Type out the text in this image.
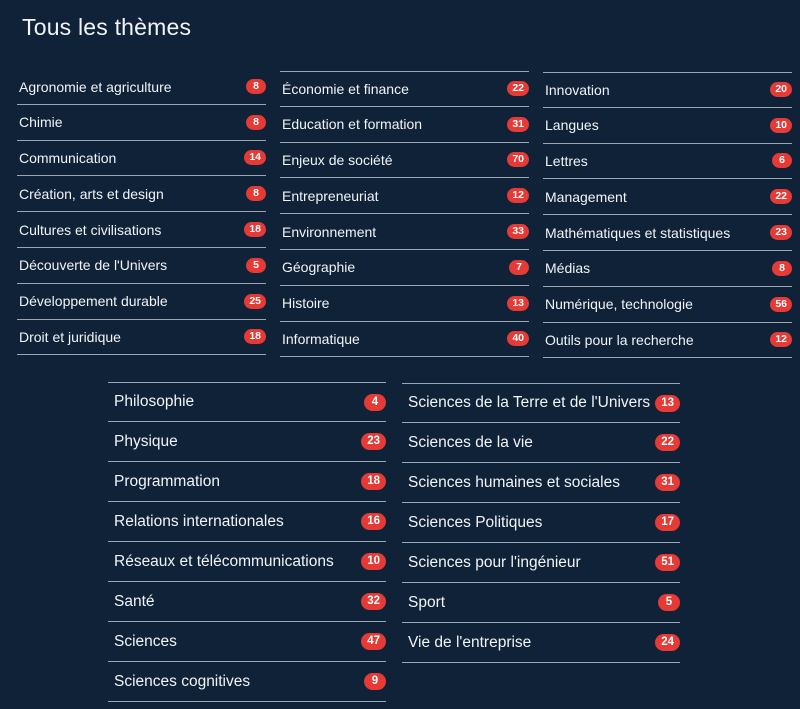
Tous les thèmes
Agronomie et agriculture	8
Chimie	8
Communication	14
Création, arts et design	8
Cultures et civilisations	18
Découverte de l'Univers	5
Développement durable	25
Droit et juridique	18
Économie et finance	22
Education et formation	31
Enjeux de société	70
Entrepreneuriat	12
Environnement	33
Géographie	7
Histoire	13
Informatique	40
Innovation	20
Langues	10
Lettres	6
Management	22
Mathématiques et statistiques	23
Médias	8
Numérique, technologie	56
Outils pour la recherche	12
Philosophie	4
Physique	23
Programmation	18
Relations internationales	16
Réseaux et télécommunications	10
Santé	32
Sciences	47
Sciences cognitives	9
Sciences de la Terre et de l'Univers 13
Sciences de la vie	22
Sciences humaines et sociales	31
Sciences Politiques	17
Sciences pour l'ingénieur	51
Sport	5
Vie de l'entreprise	24
